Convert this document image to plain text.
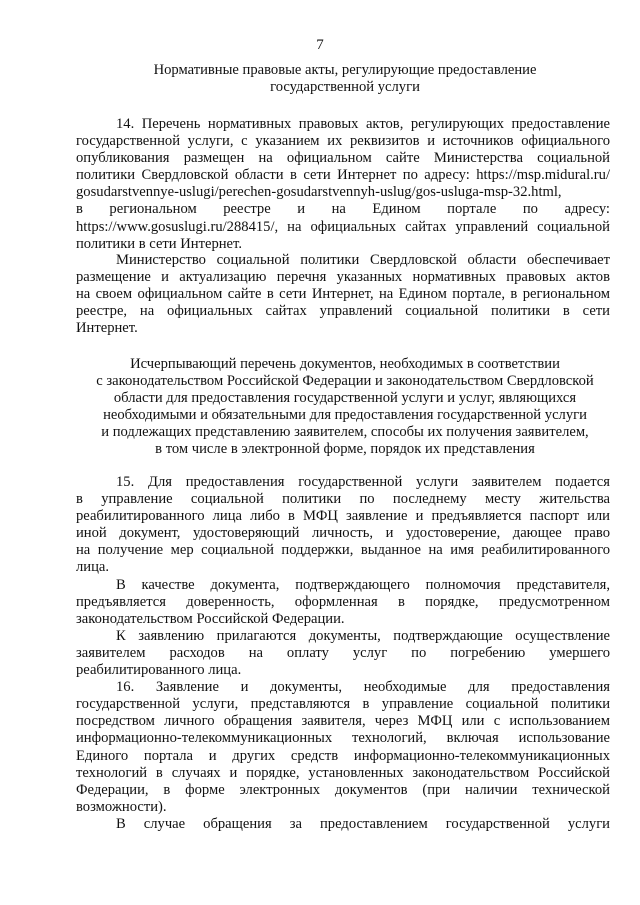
7
Нормативные правовые акты, регулирующие предоставление
государственной услуги
14. Перечень нормативных правовых актов, регулирующих предоставление
государственной услуги, с указанием их реквизитов и источников официального
опубликования размещен на официальном сайте Министерства социальной
политики Свердловской области в сети Интернет по адресу: https://msp.midural.ru/
gosudarstvennye-uslugi/perechen-gosudarstvennyh-uslug/gos-usluga-msp-32.html,
в региональном реестре и на Едином портале по адресу:
https://www.gosuslugi.ru/288415/, на официальных сайтах управлений социальной
политики в сети Интернет.
Министерство социальной политики Свердловской области обеспечивает
размещение и актуализацию перечня указанных нормативных правовых актов
на своем официальном сайте в сети Интернет, на Едином портале, в региональном
реестре, на официальных сайтах управлений социальной политики в сети
Интернет.
Исчерпывающий перечень документов, необходимых в соответствии
с законодательством Российской Федерации и законодательством Свердловской
области для предоставления государственной услуги и услуг, являющихся
необходимыми и обязательными для предоставления государственной услуги
и подлежащих представлению заявителем, способы их получения заявителем,
в том числе в электронной форме, порядок их представления
15. Для предоставления государственной услуги заявителем подается
в управление социальной политики по последнему месту жительства
реабилитированного лица либо в МФЦ заявление и предъявляется паспорт или
иной документ, удостоверяющий личность, и удостоверение, дающее право
на получение мер социальной поддержки, выданное на имя реабилитированного
лица.
В качестве документа, подтверждающего полномочия представителя,
предъявляется доверенность, оформленная в порядке, предусмотренном
законодательством Российской Федерации.
К заявлению прилагаются документы, подтверждающие осуществление
заявителем расходов на оплату услуг по погребению умершего
реабилитированного лица.
16. Заявление и документы, необходимые для предоставления
государственной услуги, представляются в управление социальной политики
посредством личного обращения заявителя, через МФЦ или с использованием
информационно-телекоммуникационных технологий, включая использование
Единого портала и других средств информационно-телекоммуникационных
технологий в случаях и порядке, установленных законодательством Российской
Федерации, в форме электронных документов (при наличии технической
возможности).
В случае обращения за предоставлением государственной услуги
